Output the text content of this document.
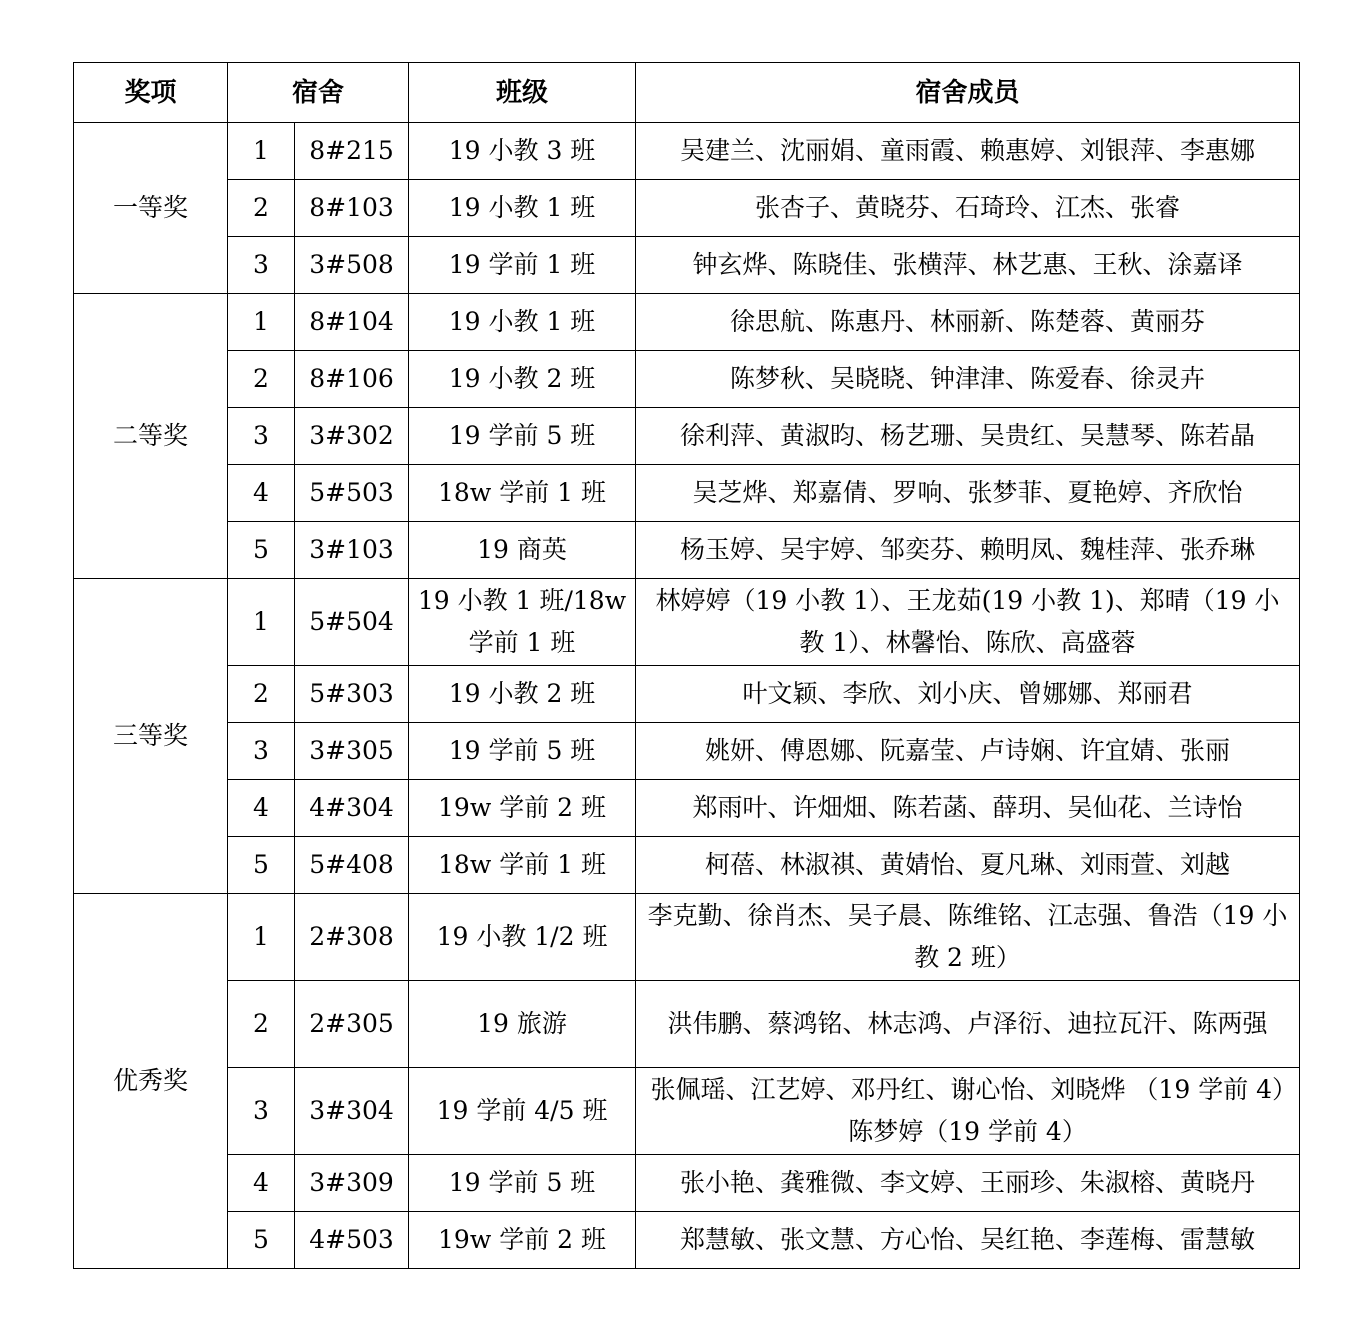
奖项	宿舍		班级	宿舍成员
一等奖	1	8#215	19 小教 3 班	吴建兰、沈丽娟、童雨霞、赖惠婷、刘银萍、李惠娜
	2	8#103	19 小教 1 班	张杏子、黄晓芬、石琦玲、江杰、张睿
	3	3#508	19 学前 1 班	钟玄烨、陈晓佳、张横萍、林艺惠、王秋、涂嘉译
二等奖	1	8#104	19 小教 1 班	徐思航、陈惠丹、林丽新、陈楚蓉、黄丽芬
	2	8#106	19 小教 2 班	陈梦秋、吴晓晓、钟津津、陈爱春、徐灵卉
	3	3#302	19 学前 5 班	徐利萍、黄淑昀、杨艺珊、吴贵红、吴慧琴、陈若晶
	4	5#503	18w 学前 1 班	吴芝烨、郑嘉倩、罗响、张梦菲、夏艳婷、齐欣怡
	5	3#103	19 商英	杨玉婷、吴宇婷、邹奕芬、赖明凤、魏桂萍、张乔琳
三等奖	1	5#504	19 小教 1 班/18w 学前 1 班	林婷婷（19 小教 1）、王龙茹(19 小教 1)、郑晴（19 小教 1）、林馨怡、陈欣、高盛蓉
	2	5#303	19 小教 2 班	叶文颖、李欣、刘小庆、曾娜娜、郑丽君
	3	3#305	19 学前 5 班	姚妍、傅恩娜、阮嘉莹、卢诗娴、许宜婧、张丽
	4	4#304	19w 学前 2 班	郑雨叶、许畑畑、陈若菡、薛玥、吴仙花、兰诗怡
	5	5#408	18w 学前 1 班	柯蓓、林淑祺、黄婧怡、夏凡琳、刘雨萱、刘越
优秀奖	1	2#308	19 小教 1/2 班	李克勤、徐肖杰、吴子晨、陈维铭、江志强、鲁浩（19 小教 2 班）
	2	2#305	19 旅游	洪伟鹏、蔡鸿铭、林志鸿、卢泽衍、迪拉瓦汗、陈两强
	3	3#304	19 学前 4/5 班	张佩瑶、江艺婷、邓丹红、谢心怡、刘晓烨 （19 学前 4）陈梦婷（19 学前 4）
	4	3#309	19 学前 5 班	张小艳、龚雅微、李文婷、王丽珍、朱淑榕、黄晓丹
	5	4#503	19w 学前 2 班	郑慧敏、张文慧、方心怡、吴红艳、李莲梅、雷慧敏
